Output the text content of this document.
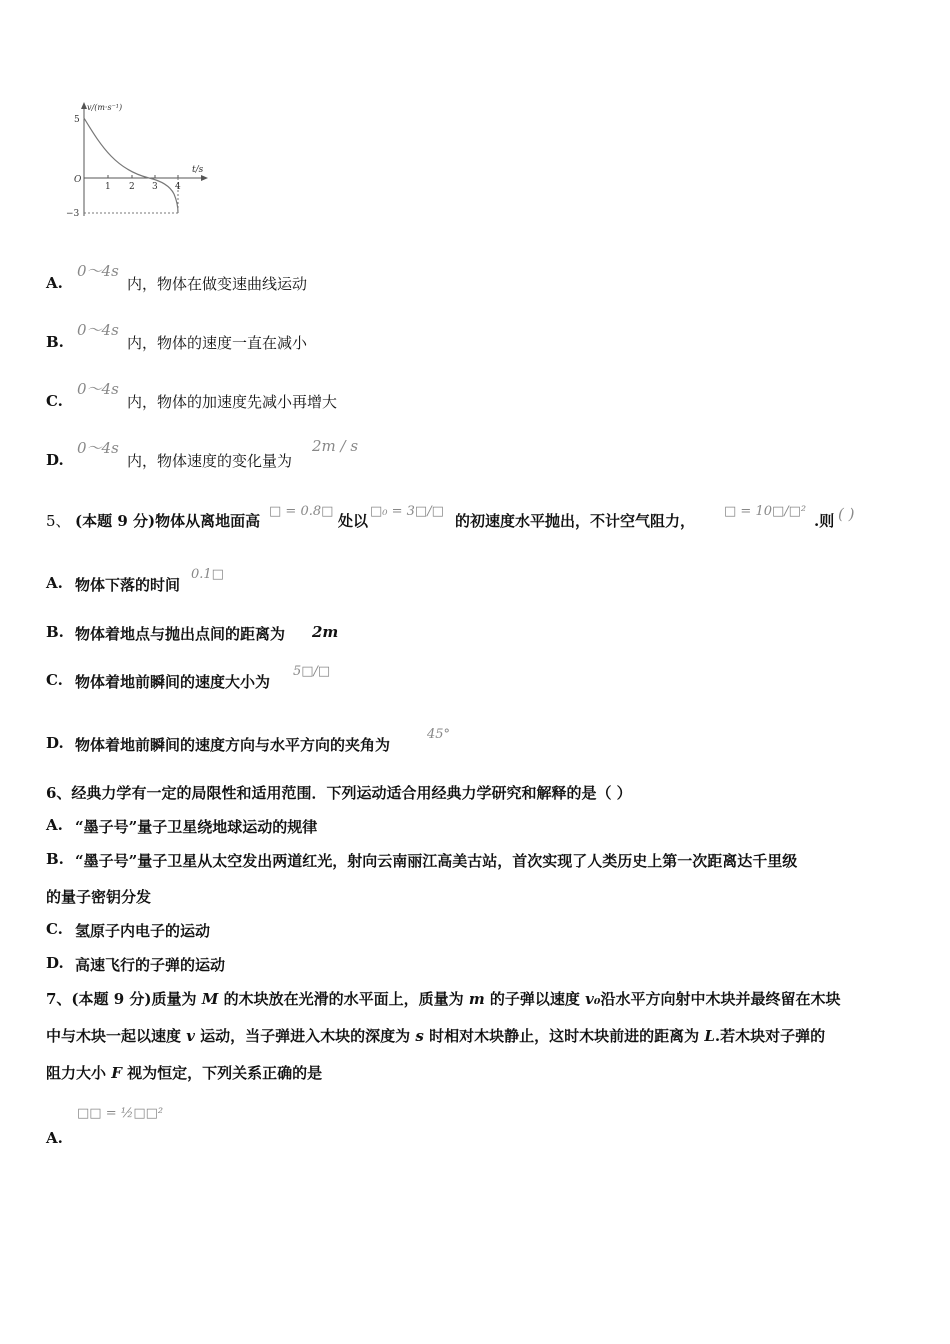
v/(m·s⁻¹)
t/s
5
O
−3
1 2 3 4
A.
0～4s
内，物体在做变速曲线运动
B.
0～4s
内，物体的速度一直在减小
C.
0～4s
内，物体的加速度先减小再增大
D.
0～4s
内，物体速度的变化量为
2m / s
5、 (本题 9 分)物体从离地面高
□ = 0.8□
处以
□₀ = 3□/□
的初速度水平抛出，不计空气阻力，
□ = 10□/□²
.则 ( )
A. 物体下落的时间
0.1□
B. 物体着地点与抛出点间的距离为 2m
C. 物体着地前瞬间的速度大小为
5□/□
D. 物体着地前瞬间的速度方向与水平方向的夹角为
45°
6、经典力学有一定的局限性和适用范围．下列运动适合用经典力学研究和解释的是（ ）
A. “墨子号”量子卫星绕地球运动的规律
B. “墨子号”量子卫星从太空发出两道红光，射向云南丽江高美古站，首次实现了人类历史上第一次距离达千里级
的量子密钥分发
C. 氢原子内电子的运动
D. 高速飞行的子弹的运动
7、(本题 9 分)质量为 M 的木块放在光滑的水平面上，质量为 m 的子弹以速度 v₀沿水平方向射中木块并最终留在木块
中与木块一起以速度 v 运动，当子弹进入木块的深度为 s 时相对木块静止，这时木块前进的距离为 L.若木块对子弹的
阻力大小 F 视为恒定，下列关系正确的是
A.
□□ = ½□□²
